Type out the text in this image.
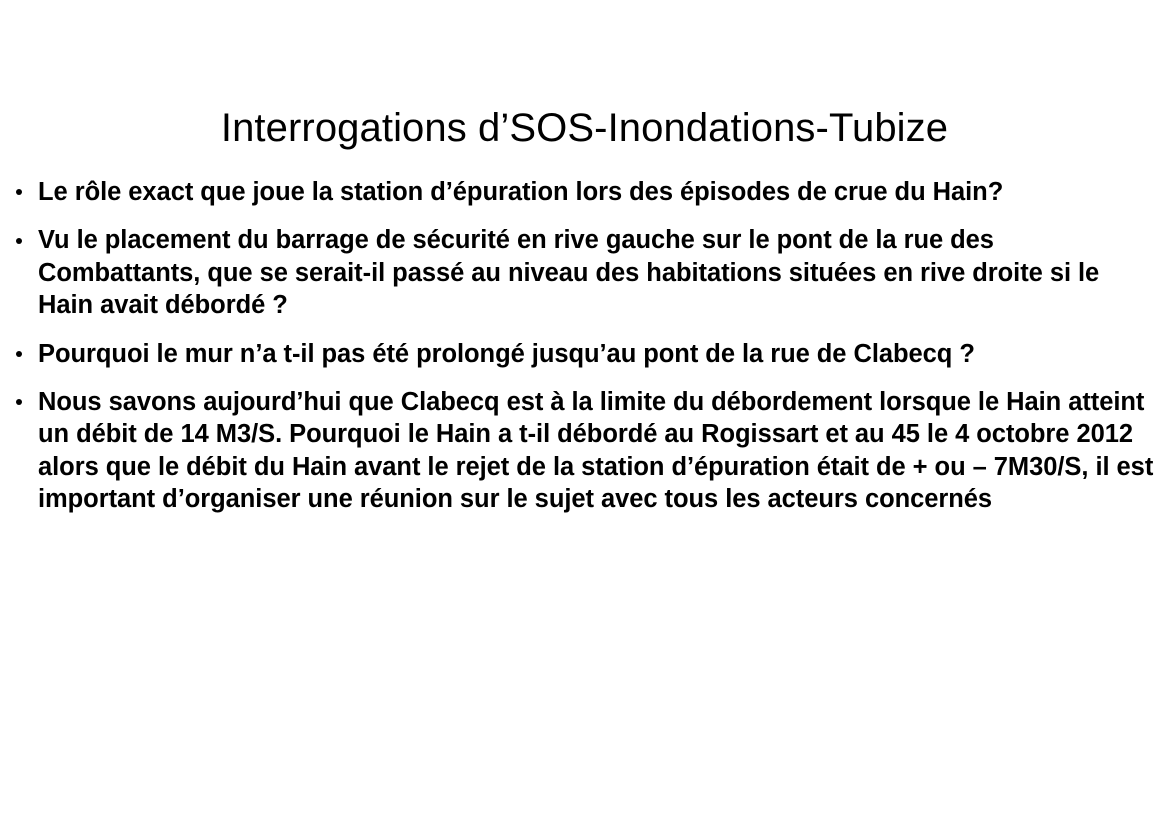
Interrogations d’SOS-Inondations-Tubize
Le rôle exact que joue la station d’épuration lors des épisodes de crue du Hain?
Vu le placement du barrage de sécurité en rive gauche sur le pont de la rue des Combattants, que se serait-il passé au niveau des habitations situées en rive droite si le Hain avait débordé ?
Pourquoi le mur n’a t-il pas été prolongé jusqu’au pont de la rue de Clabecq ?
Nous savons aujourd’hui que Clabecq est à la limite du débordement lorsque le Hain atteint un débit de 14 M3/S. Pourquoi le Hain a t-il débordé au Rogissart et au 45 le 4 octobre 2012 alors que le débit du Hain avant le rejet de la station d’épuration était de + ou – 7M30/S, il est important d’organiser une réunion sur le sujet avec tous les acteurs concernés
